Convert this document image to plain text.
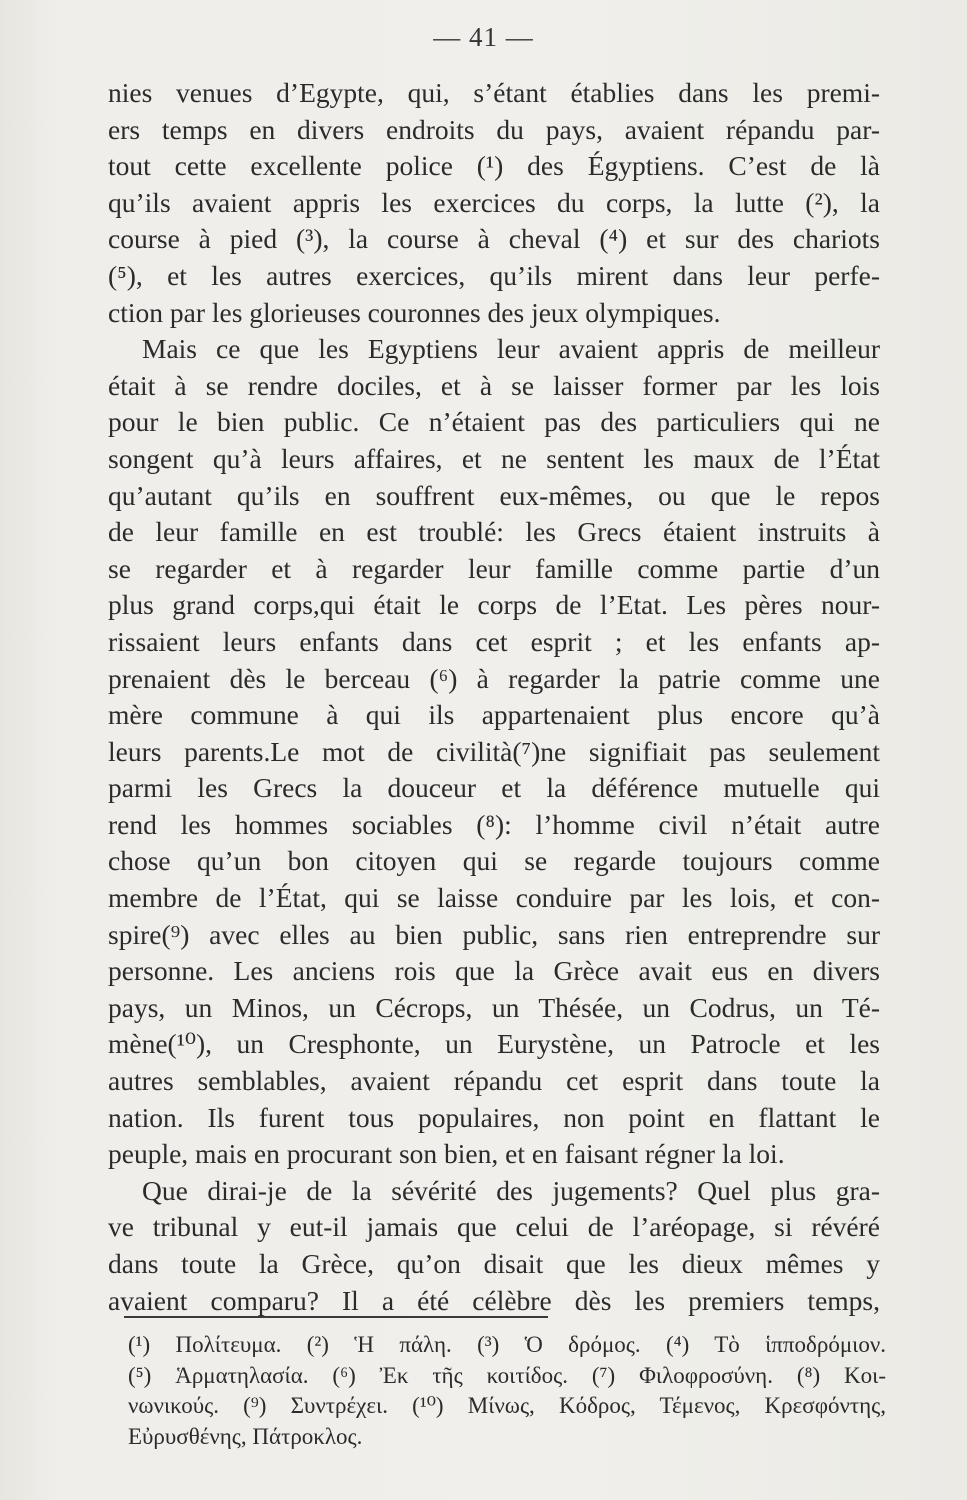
— 41 —
nies venues d’Egypte, qui, s’étant établies dans les premi-
ers temps en divers endroits du pays, avaient répandu par-
tout cette excellente police (¹) des Égyptiens. C’est de là
qu’ils avaient appris les exercices du corps, la lutte (²), la
course à pied (³), la course à cheval (⁴) et sur des chariots
(⁵), et les autres exercices, qu’ils mirent dans leur perfe-
ction par les glorieuses couronnes des jeux olympiques.
Mais ce que les Egyptiens leur avaient appris de meilleur
était à se rendre dociles, et à se laisser former par les lois
pour le bien public. Ce n’étaient pas des particuliers qui ne
songent qu’à leurs affaires, et ne sentent les maux de l’État
qu’autant qu’ils en souffrent eux-mêmes, ou que le repos
de leur famille en est troublé: les Grecs étaient instruits à
se regarder et à regarder leur famille comme partie d’un
plus grand corps,qui était le corps de l’Etat. Les pères nour-
rissaient leurs enfants dans cet esprit ; et les enfants ap-
prenaient dès le berceau (⁶) à regarder la patrie comme une
mère commune à qui ils appartenaient plus encore qu’à
leurs parents.Le mot de civilità(⁷)ne signifiait pas seulement
parmi les Grecs la douceur et la déférence mutuelle qui
rend les hommes sociables (⁸): l’homme civil n’était autre
chose qu’un bon citoyen qui se regarde toujours comme
membre de l’État, qui se laisse conduire par les lois, et con-
spire(⁹) avec elles au bien public, sans rien entreprendre sur
personne. Les anciens rois que la Grèce avait eus en divers
pays, un Minos, un Cécrops, un Thésée, un Codrus, un Té-
mène(¹⁰), un Cresphonte, un Eurystène, un Patrocle et les
autres semblables, avaient répandu cet esprit dans toute la
nation. Ils furent tous populaires, non point en flattant le
peuple, mais en procurant son bien, et en faisant régner la loi.
Que dirai-je de la sévérité des jugements? Quel plus gra-
ve tribunal y eut-il jamais que celui de l’aréopage, si révéré
dans toute la Grèce, qu’on disait que les dieux mêmes y
avaient comparu? Il a été célèbre dès les premiers temps,
(¹) Πολίτευμα. (²) Ἡ πάλη. (³) Ὁ δρόμος. (⁴) Τὸ ἱπποδρόμιον.
(⁵) Ἁρματηλασία. (⁶) Ἐκ τῆς κοιτίδος. (⁷) Φιλοφροσύνη. (⁸) Κοι-
νωνικούς. (⁹) Συντρέχει. (¹⁰) Μίνως, Κόδρος, Τέμενος, Κρεσφόντης,
Εὐρυσθένης, Πάτροκλος.
